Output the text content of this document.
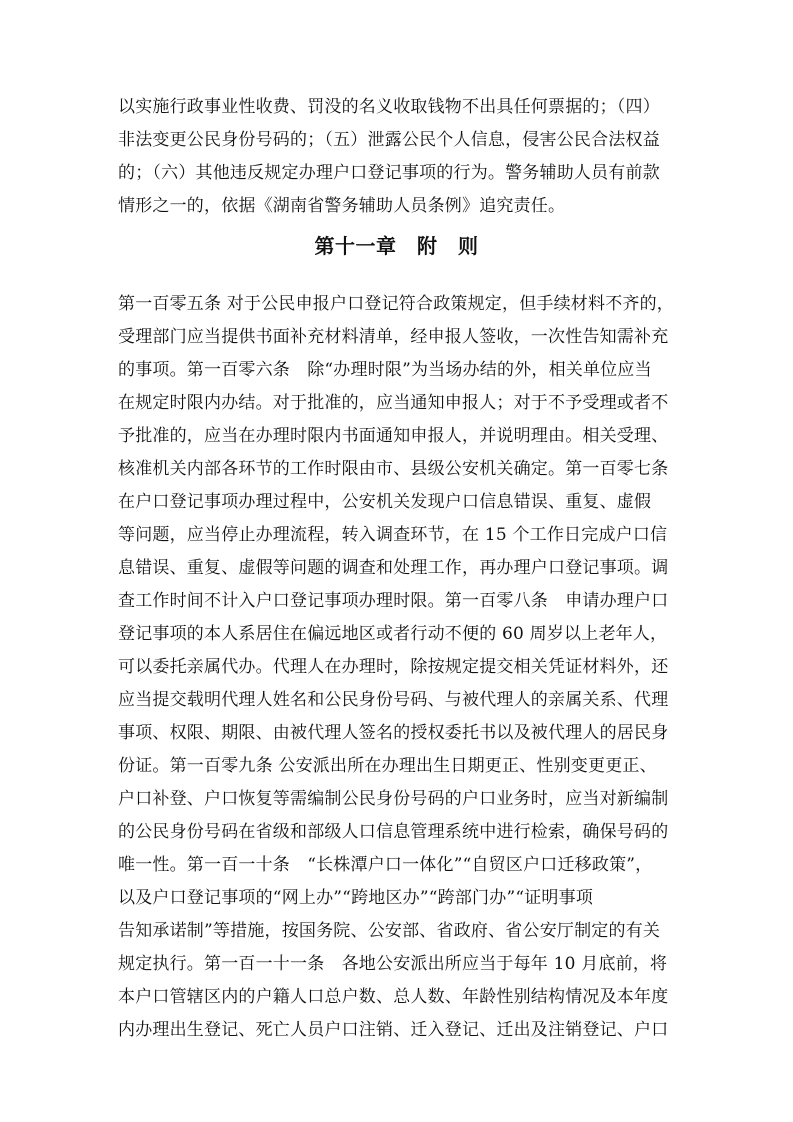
以实施行政事业性收费、罚没的名义收取钱物不出具任何票据的；（四）
非法变更公民身份号码的；（五）泄露公民个人信息，侵害公民合法权益
的；（六）其他违反规定办理户口登记事项的行为。警务辅助人员有前款
情形之一的，依据《湖南省警务辅助人员条例》追究责任。
第十一章　附　则
第一百零五条 对于公民申报户口登记符合政策规定，但手续材料不齐的，
受理部门应当提供书面补充材料清单，经申报人签收，一次性告知需补充
的事项。第一百零六条　除“办理时限”为当场办结的外，相关单位应当
在规定时限内办结。对于批准的，应当通知申报人；对于不予受理或者不
予批准的，应当在办理时限内书面通知申报人，并说明理由。相关受理、
核准机关内部各环节的工作时限由市、县级公安机关确定。第一百零七条
在户口登记事项办理过程中，公安机关发现户口信息错误、重复、虚假
等问题，应当停止办理流程，转入调查环节，在 15 个工作日完成户口信
息错误、重复、虚假等问题的调查和处理工作，再办理户口登记事项。调
查工作时间不计入户口登记事项办理时限。第一百零八条　申请办理户口
登记事项的本人系居住在偏远地区或者行动不便的 60 周岁以上老年人，
可以委托亲属代办。代理人在办理时，除按规定提交相关凭证材料外，还
应当提交载明代理人姓名和公民身份号码、与被代理人的亲属关系、代理
事项、权限、期限、由被代理人签名的授权委托书以及被代理人的居民身
份证。第一百零九条 公安派出所在办理出生日期更正、性别变更更正、
户口补登、户口恢复等需编制公民身份号码的户口业务时，应当对新编制
的公民身份号码在省级和部级人口信息管理系统中进行检索，确保号码的
唯一性。第一百一十条　“长株潭户口一体化”“自贸区户口迁移政策”，
以及户口登记事项的“网上办”“跨地区办”“跨部门办”“证明事项
告知承诺制”等措施，按国务院、公安部、省政府、省公安厅制定的有关
规定执行。第一百一十一条　各地公安派出所应当于每年 10 月底前，将
本户口管辖区内的户籍人口总户数、总人数、年龄性别结构情况及本年度
内办理出生登记、死亡人员户口注销、迁入登记、迁出及注销登记、户口
